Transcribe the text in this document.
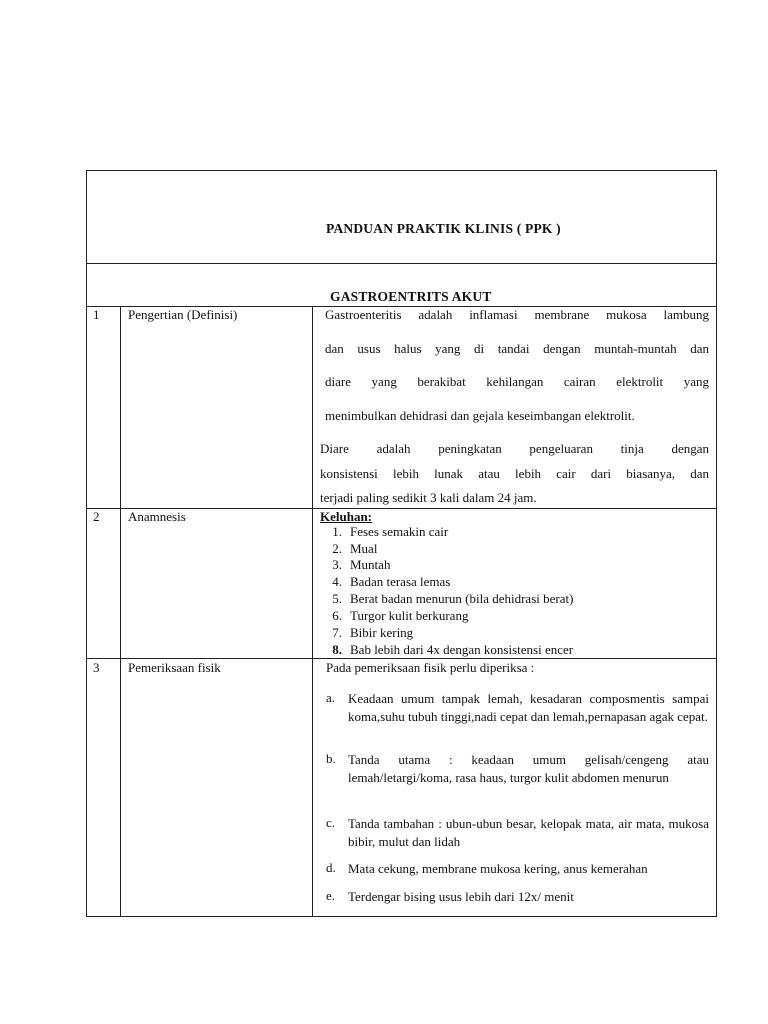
PANDUAN PRAKTIK KLINIS ( PPK )
GASTROENTRITS AKUT
1 Pengertian (Definisi)	Gastroenteritis adalah inflamasi membrane mukosa lambung
dan usus halus yang di tandai dengan muntah-muntah dan
diare yang berakibat kehilangan cairan elektrolit yang
menimbulkan dehidrasi dan gejala keseimbangan elektrolit.
Diare adalah peningkatan pengeluaran tinja dengan
konsistensi lebih lunak atau lebih cair dari biasanya, dan
terjadi paling sedikit 3 kali dalam 24 jam.
2 Anamnesis	Keluhan:
1. Feses semakin cair
2. Mual
3. Muntah
4. Badan terasa lemas
5. Berat badan menurun (bila dehidrasi berat)
6. Turgor kulit berkurang
7. Bibir kering
8. Bab lebih dari 4x dengan konsistensi encer
3 Pemeriksaan fisik	Pada pemeriksaan fisik perlu diperiksa :
a. Keadaan umum tampak lemah, kesadaran composmentis sampai koma,suhu tubuh tinggi,nadi cepat dan lemah,pernapasan agak cepat.
b. Tanda utama : keadaan umum gelisah/cengeng atau lemah/letargi/koma, rasa haus, turgor kulit abdomen menurun
c. Tanda tambahan : ubun-ubun besar, kelopak mata, air mata, mukosa bibir, mulut dan lidah
d. Mata cekung, membrane mukosa kering, anus kemerahan
e. Terdengar bising usus lebih dari 12x/ menit
